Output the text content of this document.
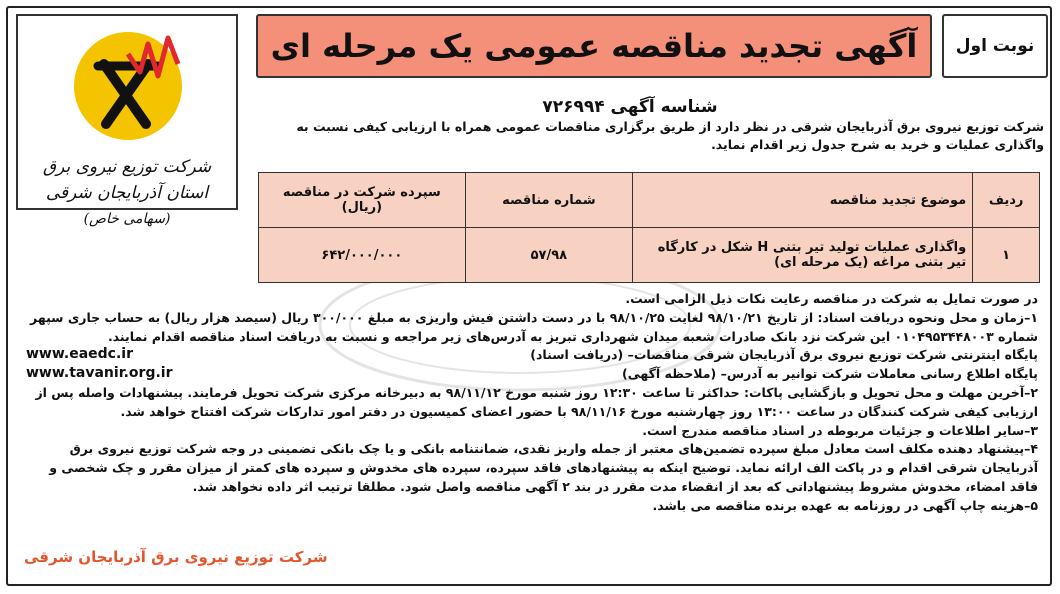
شرکت توزیع نیروی برق استان آذربایجان شرقی
(سهامی خاص)
آگهی تجدید مناقصه عمومی یک مرحله ای نوبت اول
شناسه آگهی ۷۲۶۹۹۴
شرکت توزیع نیروی برق آذربایجان شرقی در نظر دارد از طریق برگزاری مناقصات عمومی همراه با ارزیابی کیفی نسبت به واگذاری عملیات و خرید به شرح جدول زیر اقدام نماید.
ردیف	موضوع تجدید مناقصه	شماره مناقصه	سپرده شرکت در مناقصه (ریال)	
۱	واگذاری عملیات تولید تیر بتنی H شکل در کارگاه تیر بتنی مراغه (یک مرحله ای)	۵۷/۹۸	۶۴۲/۰۰۰/۰۰۰	

در صورت تمایل به شرکت در مناقصه رعایت نکات ذیل الزامی است.

۱–زمان و محل ونحوه دریافت اسناد: از تاریخ ۹۸/۱۰/۲۱ لغایت ۹۸/۱۰/۲۵ با در دست داشتن فیش واریزی به مبلغ ۳۰۰/۰۰۰ ریال (سیصد هزار ریال) به حساب جاری سپهر شماره ۰۱۰۴۹۵۳۴۴۸۰۰۳ این شرکت نزد بانک صادرات شعبه میدان شهرداری تبریز به آدرس‌های زیر مراجعه و نسبت به دریافت اسناد مناقصه اقدام نمایند.

پایگاه اینترنتی شرکت توزیع نیروی برق آذربایجان شرقی مناقصات– (دریافت اسناد)

پایگاه اطلاع رسانی معاملات شرکت توانیر به آدرس– (ملاحظه آگهی)

۲–آخرین مهلت و محل تحویل و بازگشایی پاکات: حداکثر تا ساعت ۱۲:۳۰ روز شنبه مورخ ۹۸/۱۱/۱۲ به دبیرخانه مرکزی شرکت تحویل فرمایند. پیشنهادات واصله پس از ارزیابی کیفی شرکت کنندگان در ساعت ۱۳:۰۰ روز چهارشنبه مورخ ۹۸/۱۱/۱۶ با حضور اعضای کمیسیون در دفتر امور تدارکات شرکت افتتاح خواهد شد.

۳–سایر اطلاعات و جزئیات مربوطه در اسناد مناقصه مندرج است.

۴–پیشنهاد دهنده مکلف است معادل مبلغ سپرده تضمین‌های معتبر از جمله واریز نقدی، ضمانتنامه بانکی و یا چک بانکی تضمینی در وجه شرکت توزیع نیروی برق آذربایجان شرقی اقدام و در پاکت الف ارائه نماید. توضیح اینکه به پیشنهادهای فاقد سپرده، سپرده های مخدوش و سپرده های کمتر از میزان مقرر و چک شخصی و فاقد امضاء، مخدوش مشروط پیشنهاداتی که بعد از انقضاء مدت مقرر در بند ۲ آگهی مناقصه واصل شود. مطلقا ترتیب اثر داده نخواهد شد.

۵–هزینه چاپ آگهی در روزنامه به عهده برنده مناقصه می باشد.

www.eaedc.ir
www.tavanir.org.ir
شرکت توزیع نیروی برق آذربایجان شرقی
